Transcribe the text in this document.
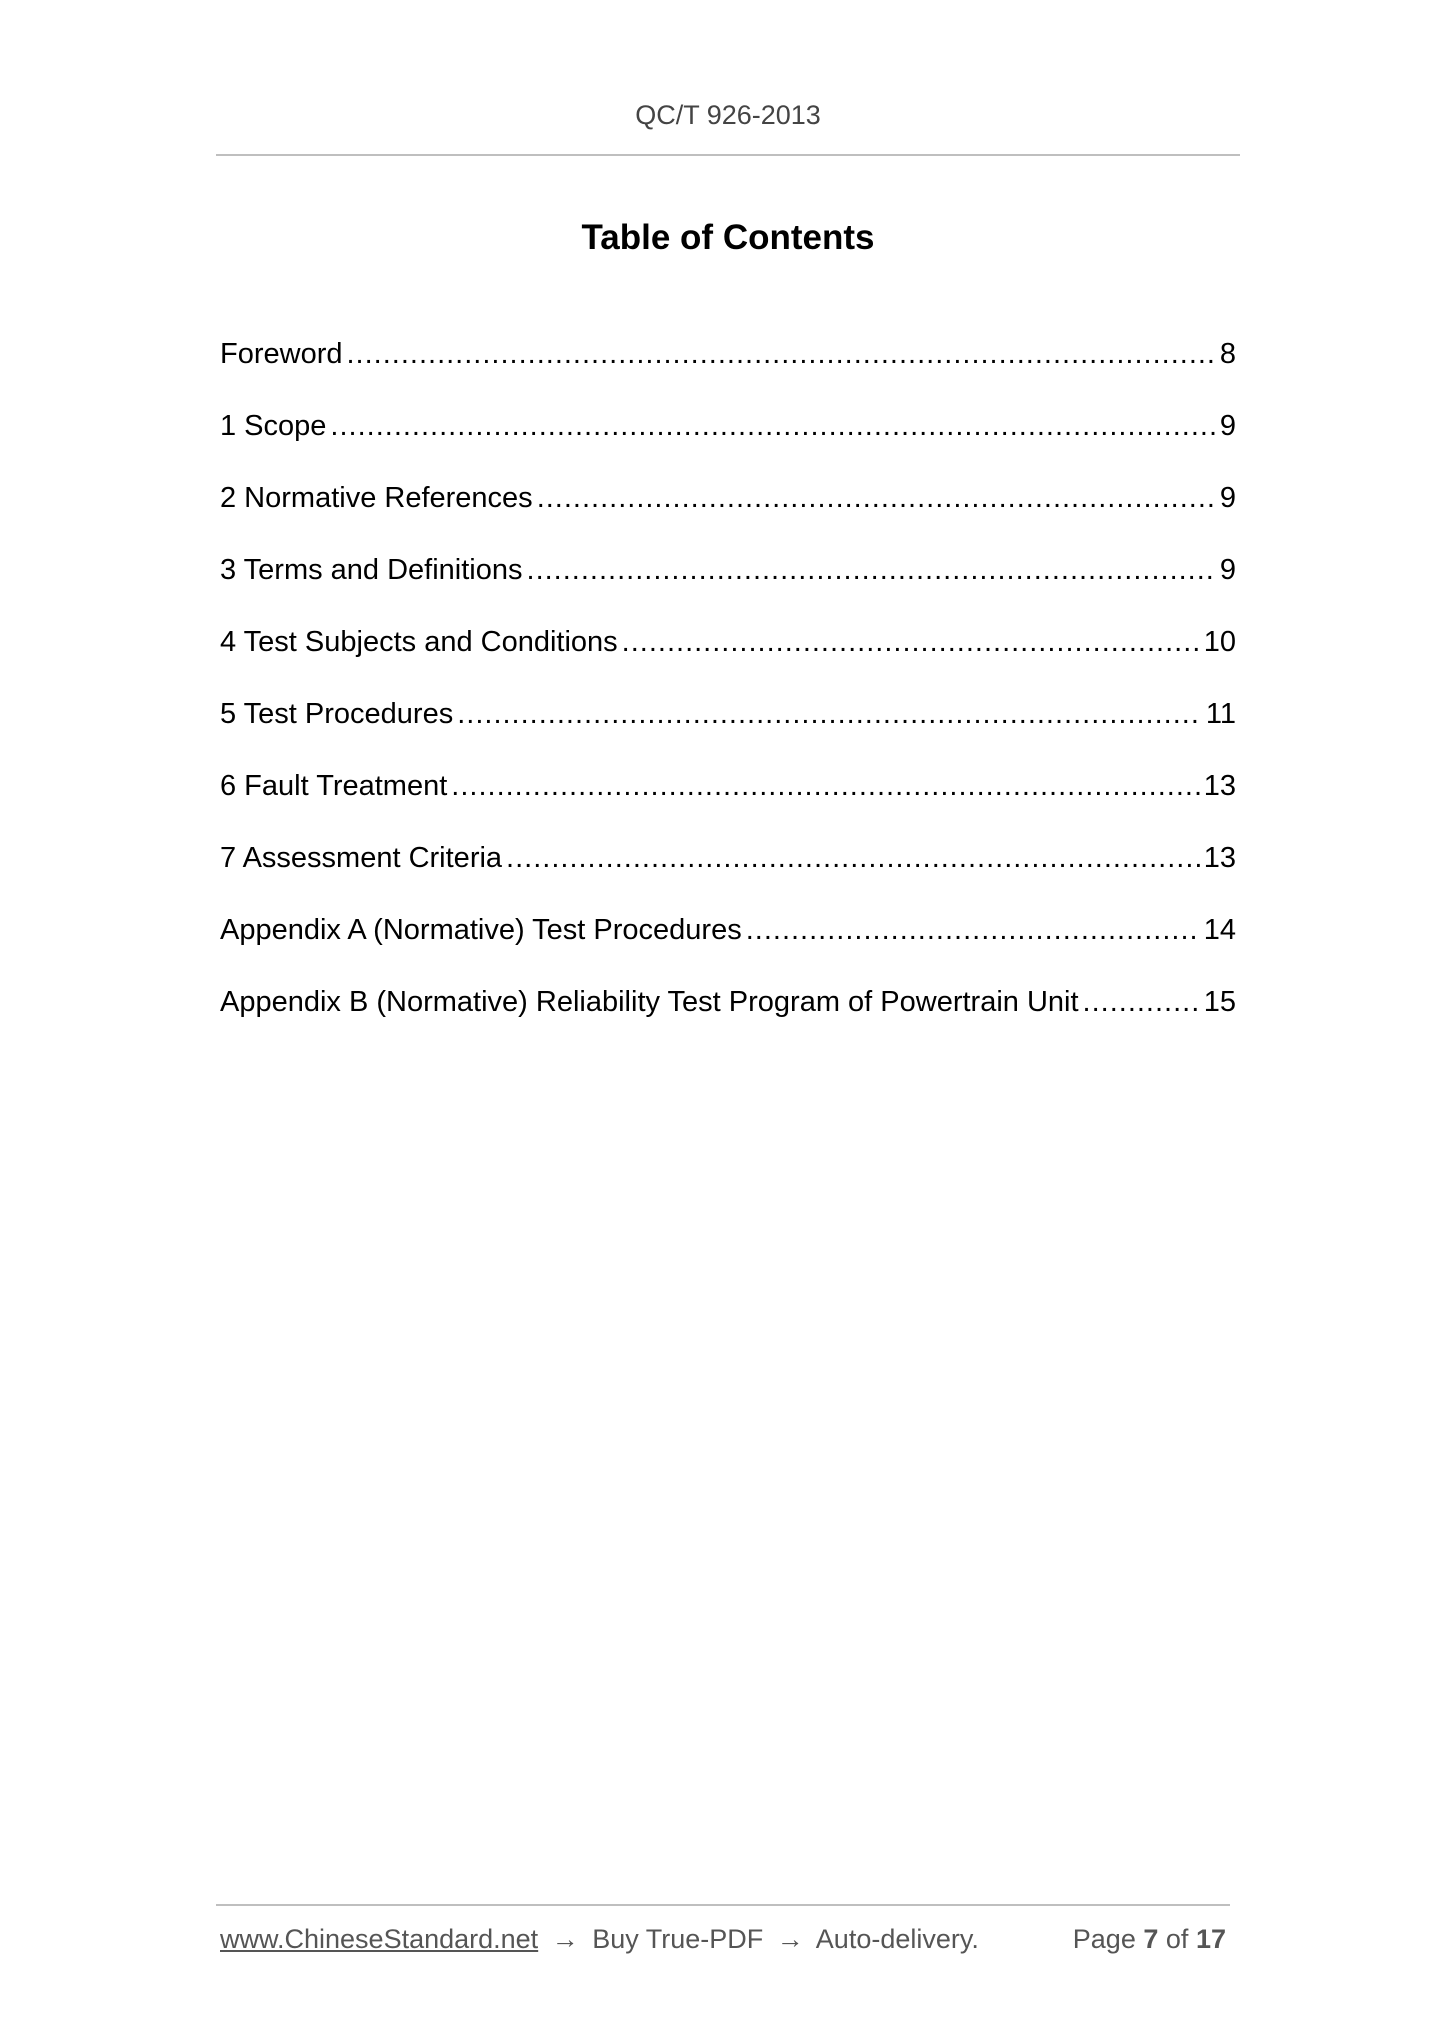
QC/T 926-2013
Table of Contents
Foreword .....	8
1 Scope .....	9
2 Normative References .....	9
3 Terms and Definitions .....	9
4 Test Subjects and Conditions .....	10
5 Test Procedures .....	11
6 Fault Treatment .....	13
7 Assessment Criteria .....	13
Appendix A (Normative) Test Procedures .....	14
Appendix B (Normative) Reliability Test Program of Powertrain Unit .....	15
www.ChineseStandard.net → Buy True-PDF → Auto-delivery.	Page 7 of 17
